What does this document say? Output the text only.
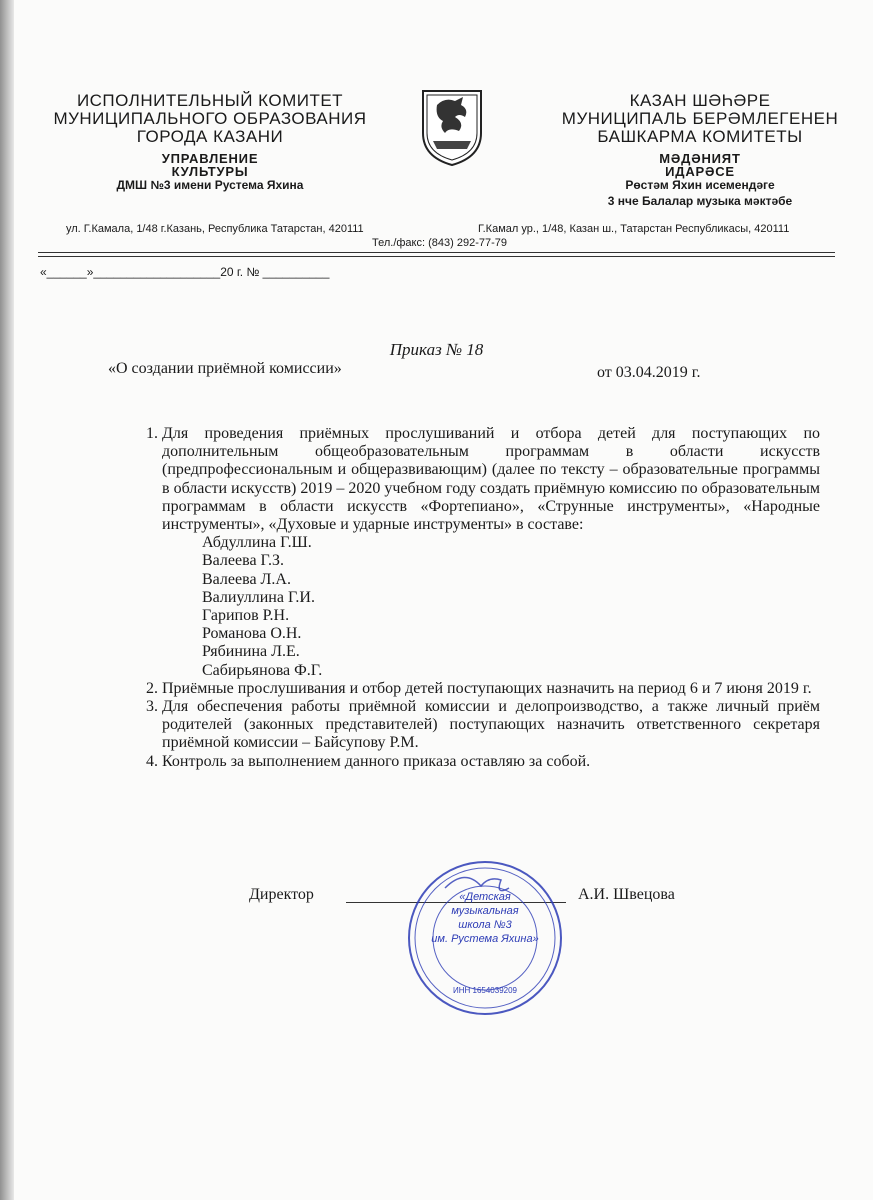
ИСПОЛНИТЕЛЬНЫЙ КОМИТЕТ
МУНИЦИПАЛЬНОГО ОБРАЗОВАНИЯ
ГОРОДА КАЗАНИ
УПРАВЛЕНИЕ
КУЛЬТУРЫ
ДМШ №3 имени Рустема Яхина
КАЗАН ШӘҺӘРЕ
МУНИЦИПАЛЬ БЕРӘМЛЕГЕНЕН
БАШКАРМА КОМИТЕТЫ
МӘДӘНИЯТ
ИДАРӘСЕ
Рөстәм Яхин исемендәге
3 нче Балалар музыка мәктәбе
ул. Г.Камала, 1/48 г.Казань, Республика Татарстан, 420111	Г.Камал ур., 1/48, Казан ш., Татарстан Республикасы, 420111
Тел./факс: (843) 292-77-79
«______»___________________20 г. № __________
Приказ № 18
«О создании приёмной комиссии»	от 03.04.2019 г.
1. Для проведения приёмных прослушиваний и отбора детей для поступающих по дополнительным общеобразовательным программам в области искусств (предпрофессиональным и общеразвивающим) (далее по тексту – образовательные программы в области искусств) 2019 – 2020 учебном году создать приёмную комиссию по образовательным программам в области искусств «Фортепиано», «Струнные инструменты», «Народные инструменты», «Духовые и ударные инструменты» в составе:
Абдуллина Г.Ш.
Валеева Г.З.
Валеева Л.А.
Валиуллина Г.И.
Гарипов Р.Н.
Романова О.Н.
Рябинина Л.Е.
Сабирьянова Ф.Г.
2. Приёмные прослушивания и отбор детей поступающих назначить на период 6 и 7 июня 2019 г.
3. Для обеспечения работы приёмной комиссии и делопроизводство, а также личный приём родителей (законных представителей) поступающих назначить ответственного секретаря приёмной комиссии – Байсупову Р.М.
4. Контроль за выполнением данного приказа оставляю за собой.
Директор	А.И. Швецова
«Детская
музыкальная
школа №3
им. Рустема Яхина»
ИНН 1654039209
